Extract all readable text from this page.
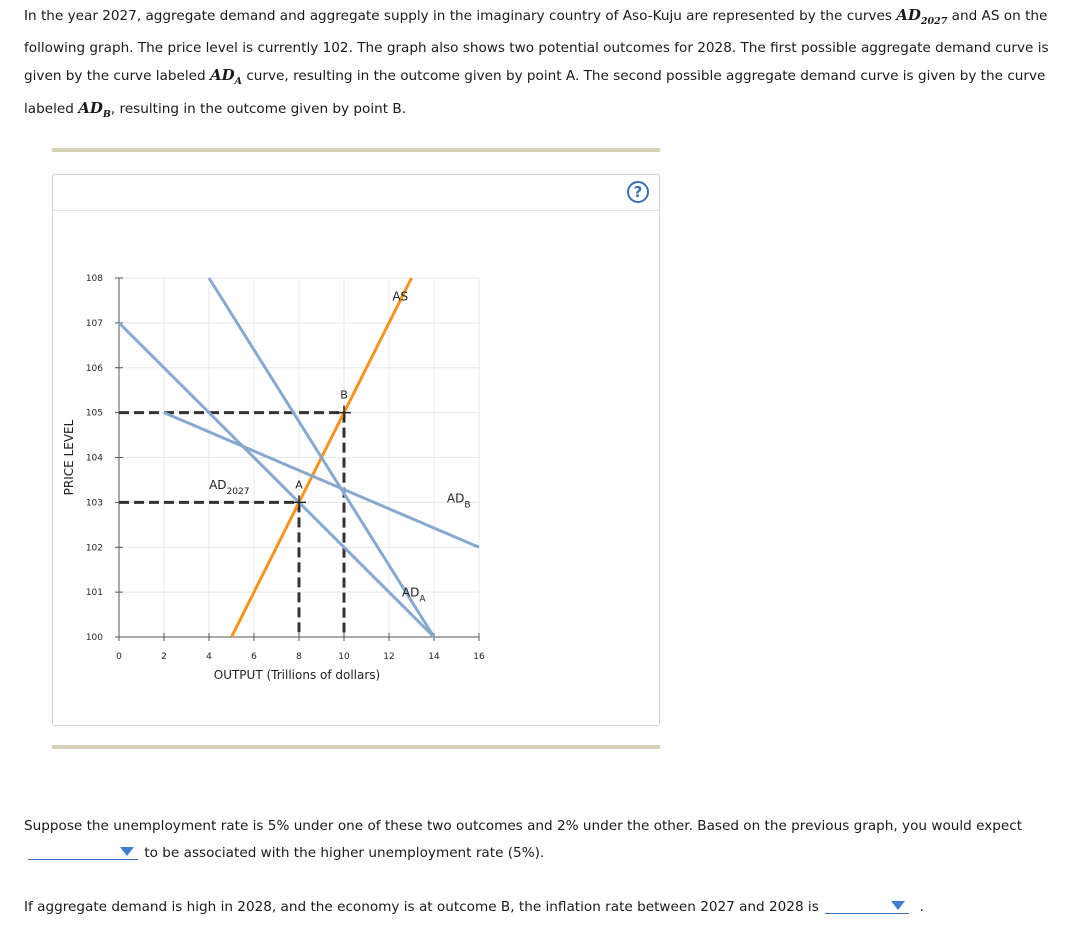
In the year 2027, aggregate demand and aggregate supply in the imaginary country of Aso-Kuju are represented by the curves $AD_{2027}$ and AS on the following graph. The price level is currently 102. The graph also shows two potential outcomes for 2028. The first possible aggregate demand curve is given by the curve labeled $AD_A$ curve, resulting in the outcome given by point A. The second possible aggregate demand curve is given by the curve labeled $AD_B$, resulting in the outcome given by point B.
?
0	2	4	6	8	10	12	14	16
100
101
102
103
104
105
106
107
108
OUTPUT (Trillions of dollars)
PRICE LEVEL	A
B
AS
$AD_{2027}$
$AD_A$
$AD_B$
Suppose the unemployment rate is 5% under one of these two outcomes and 2% under the other. Based on the previous graph, you would expect

to be associated with the higher unemployment rate (5%).
If aggregate demand is high in 2028, and the economy is at outcome B, the inflation rate between 2027 and 2028 is	.
